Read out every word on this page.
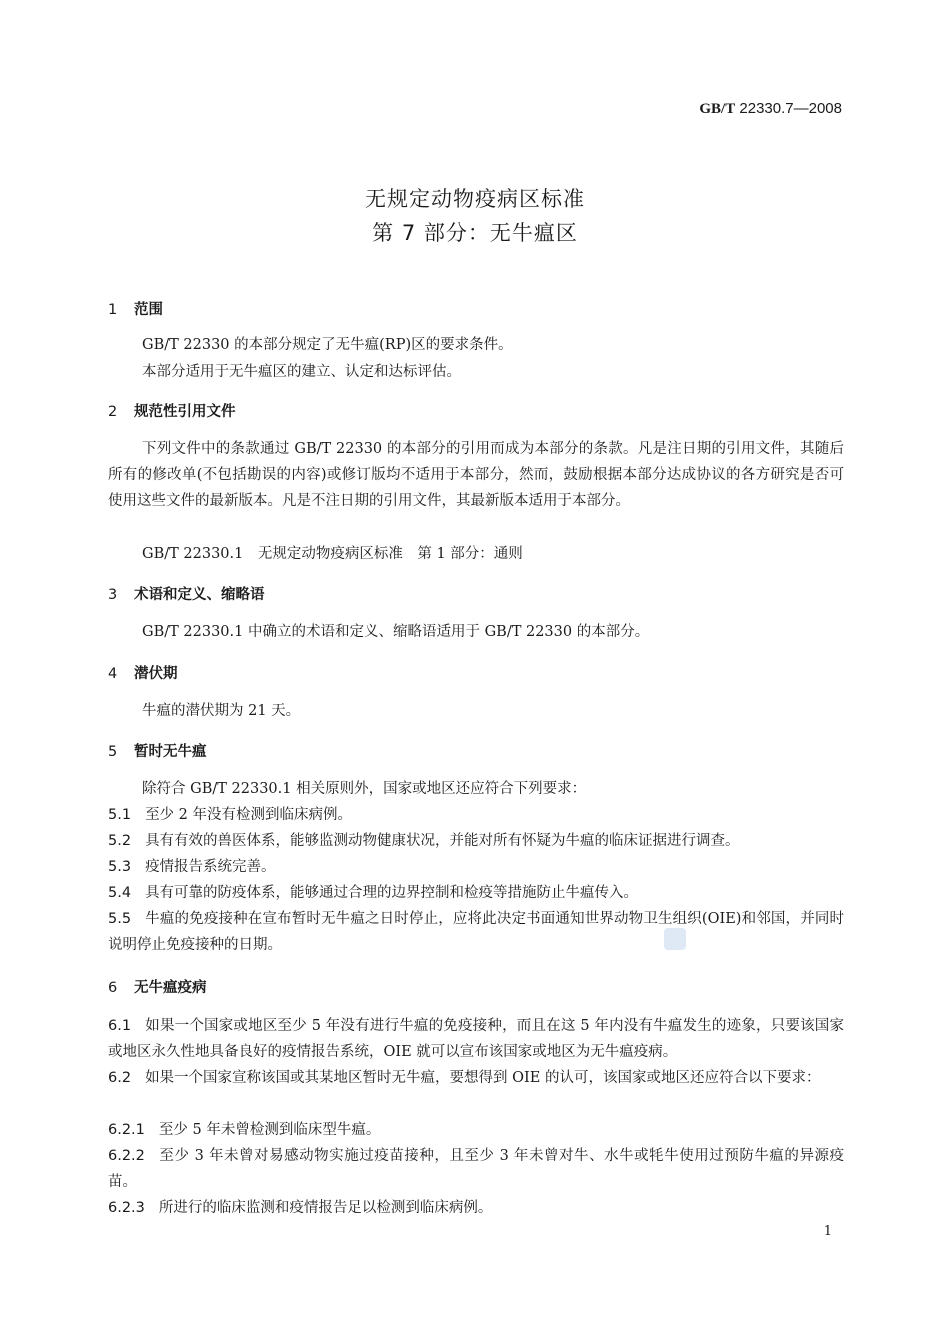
GB/T 22330.7—2008
无规定动物疫病区标准
第 7 部分：无牛瘟区
1 范围
GB/T 22330 的本部分规定了无牛瘟(RP)区的要求条件。
本部分适用于无牛瘟区的建立、认定和达标评估。
2 规范性引用文件
下列文件中的条款通过 GB/T 22330 的本部分的引用而成为本部分的条款。凡是注日期的引用文件，其随后所有的修改单(不包括勘误的内容)或修订版均不适用于本部分，然而，鼓励根据本部分达成协议的各方研究是否可使用这些文件的最新版本。凡是不注日期的引用文件，其最新版本适用于本部分。
GB/T 22330.1　无规定动物疫病区标准　第 1 部分：通则
3 术语和定义、缩略语
GB/T 22330.1 中确立的术语和定义、缩略语适用于 GB/T 22330 的本部分。
4 潜伏期
牛瘟的潜伏期为 21 天。
5 暂时无牛瘟
除符合 GB/T 22330.1 相关原则外，国家或地区还应符合下列要求：
5.1 至少 2 年没有检测到临床病例。
5.2 具有有效的兽医体系，能够监测动物健康状况，并能对所有怀疑为牛瘟的临床证据进行调查。
5.3 疫情报告系统完善。
5.4 具有可靠的防疫体系，能够通过合理的边界控制和检疫等措施防止牛瘟传入。
5.5 牛瘟的免疫接种在宣布暂时无牛瘟之日时停止，应将此决定书面通知世界动物卫生组织(OIE)和邻国，并同时说明停止免疫接种的日期。
6 无牛瘟疫病
6.1 如果一个国家或地区至少 5 年没有进行牛瘟的免疫接种，而且在这 5 年内没有牛瘟发生的迹象，只要该国家或地区永久性地具备良好的疫情报告系统，OIE 就可以宣布该国家或地区为无牛瘟疫病。
6.2 如果一个国家宣称该国或其某地区暂时无牛瘟，要想得到 OIE 的认可，该国家或地区还应符合以下要求：
6.2.1 至少 5 年未曾检测到临床型牛瘟。
6.2.2 至少 3 年未曾对易感动物实施过疫苗接种，且至少 3 年未曾对牛、水牛或牦牛使用过预防牛瘟的异源疫苗。
6.2.3 所进行的临床监测和疫情报告足以检测到临床病例。
1
